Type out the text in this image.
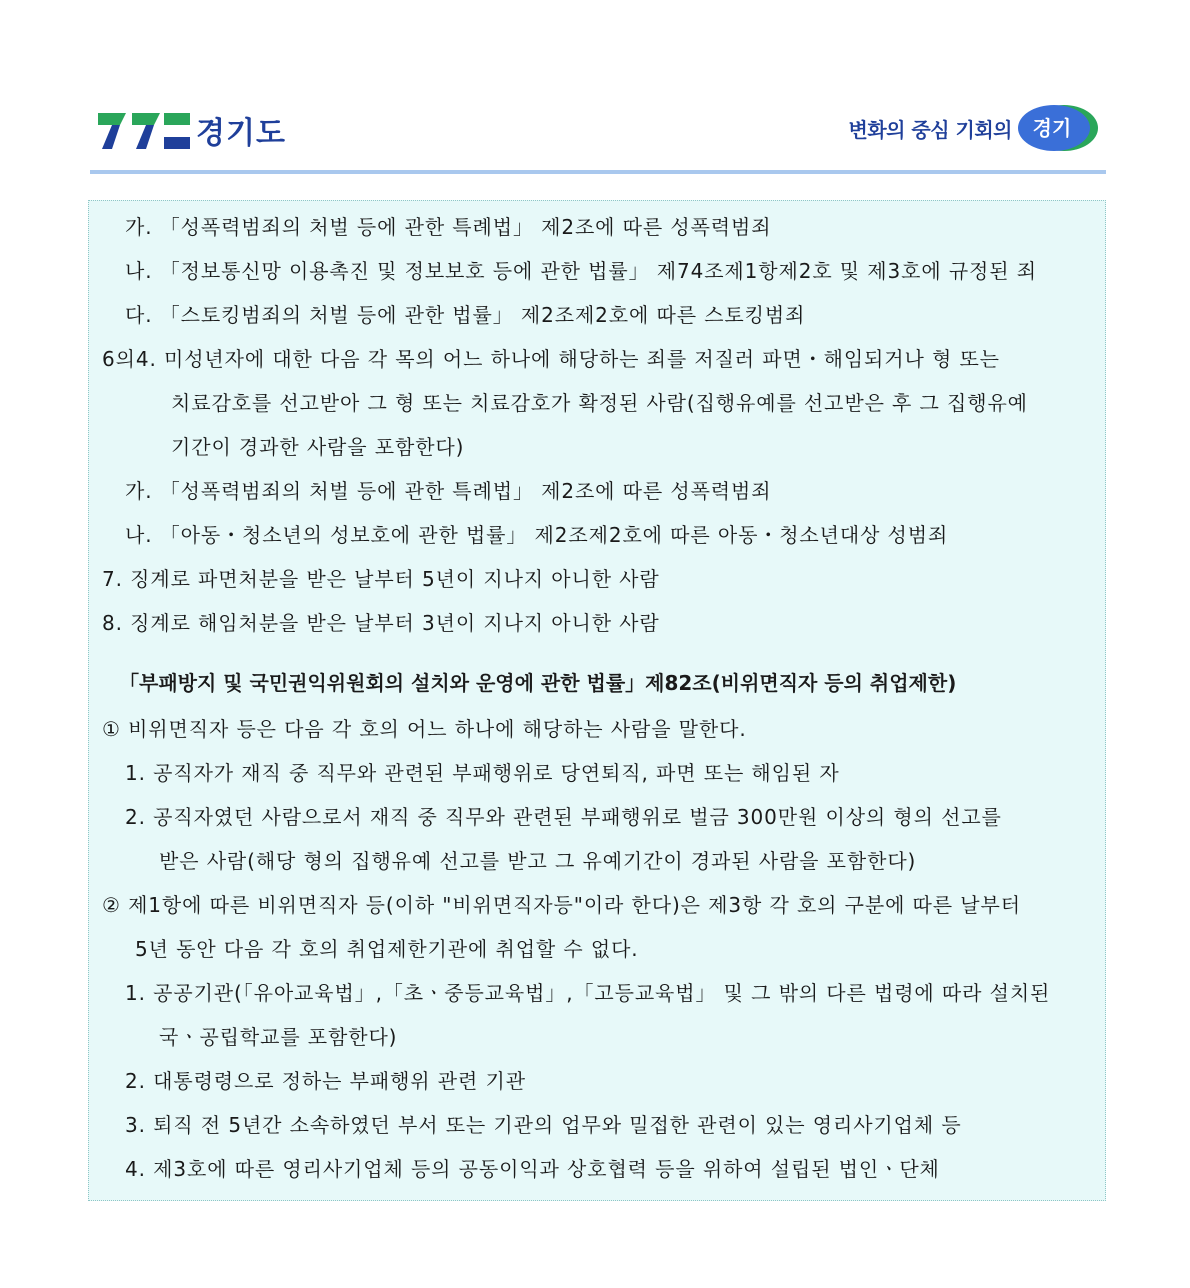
경기도	변화의 중심 기회의	경기
가. 「성폭력범죄의 처벌 등에 관한 특례법」 제2조에 따른 성폭력범죄
나. 「정보통신망 이용촉진 및 정보보호 등에 관한 법률」 제74조제1항제2호 및 제3호에 규정된 죄
다. 「스토킹범죄의 처벌 등에 관한 법률」 제2조제2호에 따른 스토킹범죄
6의4. 미성년자에 대한 다음 각 목의 어느 하나에 해당하는 죄를 저질러 파면・해임되거나 형 또는
치료감호를 선고받아 그 형 또는 치료감호가 확정된 사람(집행유예를 선고받은 후 그 집행유예
기간이 경과한 사람을 포함한다)
가. 「성폭력범죄의 처벌 등에 관한 특례법」 제2조에 따른 성폭력범죄
나. 「아동・청소년의 성보호에 관한 법률」 제2조제2호에 따른 아동・청소년대상 성범죄
7. 징계로 파면처분을 받은 날부터 5년이 지나지 아니한 사람
8. 징계로 해임처분을 받은 날부터 3년이 지나지 아니한 사람
「부패방지 및 국민권익위원회의 설치와 운영에 관한 법률」제82조(비위면직자 등의 취업제한)
① 비위면직자 등은 다음 각 호의 어느 하나에 해당하는 사람을 말한다.
1. 공직자가 재직 중 직무와 관련된 부패행위로 당연퇴직, 파면 또는 해임된 자
2. 공직자였던 사람으로서 재직 중 직무와 관련된 부패행위로 벌금 300만원 이상의 형의 선고를
받은 사람(해당 형의 집행유예 선고를 받고 그 유예기간이 경과된 사람을 포함한다)
② 제1항에 따른 비위면직자 등(이하 "비위면직자등"이라 한다)은 제3항 각 호의 구분에 따른 날부터
5년 동안 다음 각 호의 취업제한기관에 취업할 수 없다.
1. 공공기관(「유아교육법」,「초ㆍ중등교육법」,「고등교육법」 및 그 밖의 다른 법령에 따라 설치된
국ㆍ공립학교를 포함한다)
2. 대통령령으로 정하는 부패행위 관련 기관
3. 퇴직 전 5년간 소속하였던 부서 또는 기관의 업무와 밀접한 관련이 있는 영리사기업체 등
4. 제3호에 따른 영리사기업체 등의 공동이익과 상호협력 등을 위하여 설립된 법인ㆍ단체
